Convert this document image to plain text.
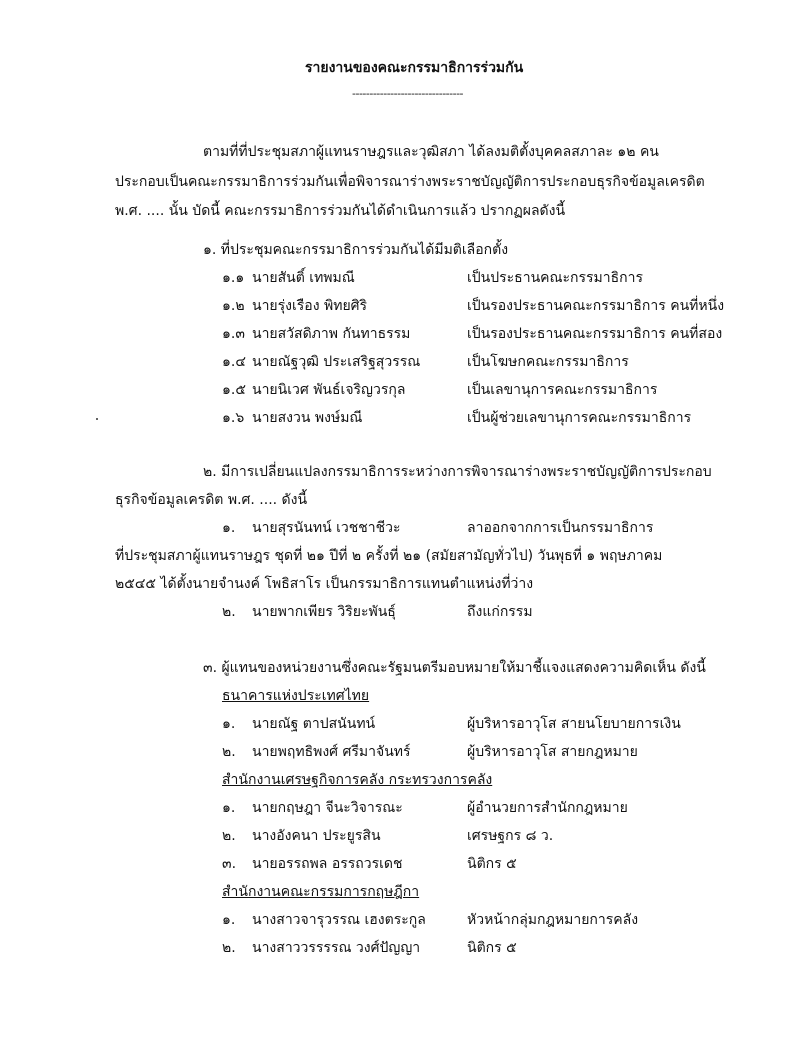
รายงานของคณะกรรมาธิการร่วมกัน
--------------------------------
ตามที่ที่ประชุมสภาผู้แทนราษฎรและวุฒิสภา ได้ลงมติตั้งบุคคลสภาละ ๑๒ คน
ประกอบเป็นคณะกรรมาธิการร่วมกันเพื่อพิจารณาร่างพระราชบัญญัติการประกอบธุรกิจข้อมูลเครดิต
พ.ศ. .... นั้น บัดนี้ คณะกรรมาธิการร่วมกันได้ดำเนินการแล้ว ปรากฏผลดังนี้
๑. ที่ประชุมคณะกรรมาธิการร่วมกันได้มีมติเลือกตั้ง
๑.๑ นายสันติ์ เทพมณี	เป็นประธานคณะกรรมาธิการ
๑.๒ นายรุ่งเรือง พิทยศิริ	เป็นรองประธานคณะกรรมาธิการ คนที่หนึ่ง
๑.๓ นายสวัสดิภาพ กันทาธรรม	เป็นรองประธานคณะกรรมาธิการ คนที่สอง
๑.๔ นายณัฐวุฒิ ประเสริฐสุวรรณ	เป็นโฆษกคณะกรรมาธิการ
๑.๕ นายนิเวศ พันธ์เจริญวรกุล	เป็นเลขานุการคณะกรรมาธิการ
๑.๖ นายสงวน พงษ์มณี	เป็นผู้ช่วยเลขานุการคณะกรรมาธิการ
๒. มีการเปลี่ยนแปลงกรรมาธิการระหว่างการพิจารณาร่างพระราชบัญญัติการประกอบ
ธุรกิจข้อมูลเครดิต พ.ศ. .... ดังนี้
๑. นายสุรนันทน์ เวชชาชีวะ	ลาออกจากการเป็นกรรมาธิการ
ที่ประชุมสภาผู้แทนราษฎร ชุดที่ ๒๑ ปีที่ ๒ ครั้งที่ ๒๑ (สมัยสามัญทั่วไป) วันพุธที่ ๑ พฤษภาคม
๒๕๔๕ ได้ตั้งนายจำนงค์ โพธิสาโร เป็นกรรมาธิการแทนตำแหน่งที่ว่าง
๒. นายพากเพียร วิริยะพันธุ์	ถึงแก่กรรม
๓. ผู้แทนของหน่วยงานซึ่งคณะรัฐมนตรีมอบหมายให้มาชี้แจงแสดงความคิดเห็น ดังนี้
ธนาคารแห่งประเทศไทย
๑. นายณัฐ ตาปสนันทน์	ผู้บริหารอาวุโส สายนโยบายการเงิน
๒. นายพฤทธิพงศ์ ศรีมาจันทร์	ผู้บริหารอาวุโส สายกฎหมาย
สำนักงานเศรษฐกิจการคลัง กระทรวงการคลัง
๑. นายกฤษฎา จีนะวิจารณะ	ผู้อำนวยการสำนักกฎหมาย
๒. นางอังคนา ประยูรสิน	เศรษฐกร ๘ ว.
๓. นายอรรถพล อรรถวรเดช	นิติกร ๕
สำนักงานคณะกรรมการกฤษฎีกา
๑. นางสาวจารุวรรณ เฮงตระกูล	หัวหน้ากลุ่มกฎหมายการคลัง
๒. นางสาววรรรรณ วงศ์ปัญญา	นิติกร ๕
